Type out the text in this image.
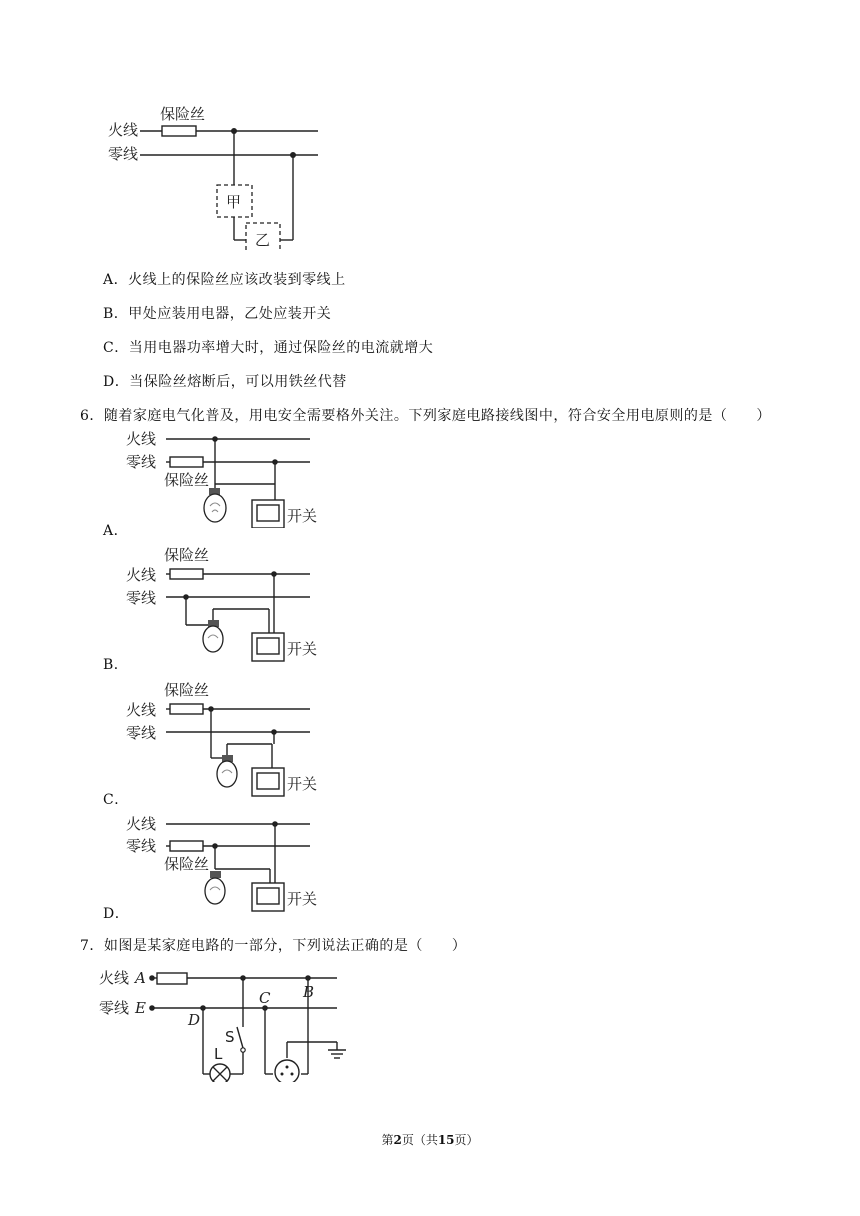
火线
零线
保险丝
甲
乙
A．火线上的保险丝应该改装到零线上
B．甲处应装用电器，乙处应装开关
C．当用电器功率增大时，通过保险丝的电流就增大
D．当保险丝熔断后，可以用铁丝代替
6．随着家庭电气化普及，用电安全需要格外关注。下列家庭电路接线图中，符合安全用电原则的是（　　）
火线
零线
保险丝
开关
A．
保险丝
火线
零线
开关
B．
保险丝
火线
零线
开关
C．
火线
零线
保险丝
开关
D．
7．如图是某家庭电路的一部分，下列说法正确的是（　　）
火线 A
零线 E
B
C
D
S
L
第2页（共15页）
